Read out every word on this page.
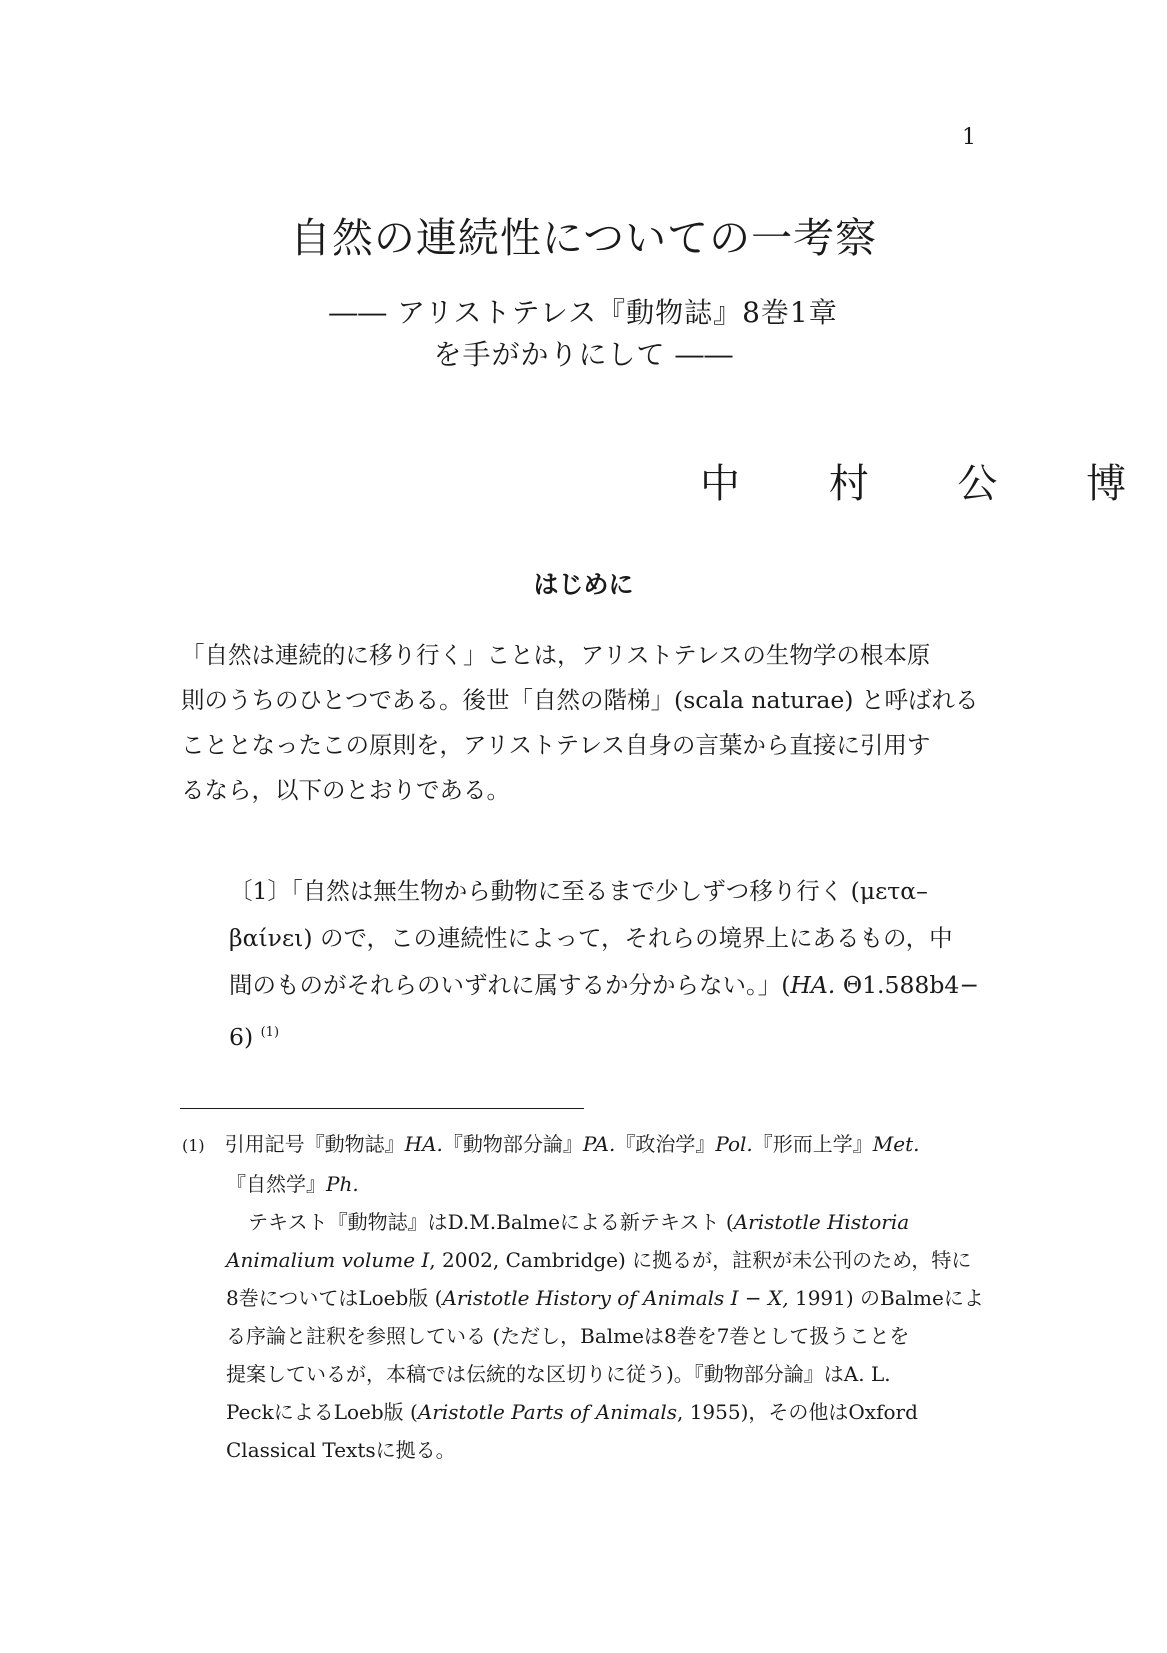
1
自然の連続性についての一考察
―― アリストテレス『動物誌』8巻1章
を手がかりにして ――
中 村 公 博
はじめに
「自然は連続的に移り行く」ことは，アリストテレスの生物学の根本原
則のうちのひとつである。後世「自然の階梯」(scala naturae) と呼ばれる
こととなったこの原則を，アリストテレス自身の言葉から直接に引用す
るなら，以下のとおりである。
〔1〕「自然は無生物から動物に至るまで少しずつ移り行く (μετα–
βαίνει) ので，この連続性によって，それらの境界上にあるもの，中
間のものがそれらのいずれに属するか分からない。」(HA. Θ1.588b4−
6) $^{(1)}$
(1)　 引用記号『動物誌』HA.『動物部分論』PA.『政治学』Pol.『形而上学』Met.
『自然学』Ph.
テキスト『動物誌』はD.M.Balmeによる新テキスト (Aristotle Historia
Animalium volume I, 2002, Cambridge) に拠るが，註釈が未公刊のため，特に
8巻についてはLoeb版 (Aristotle History of Animals I − X, 1991) のBalmeによ
る序論と註釈を参照している (ただし，Balmeは8巻を7巻として扱うことを
提案しているが，本稿では伝統的な区切りに従う)。『動物部分論』はA. L.
PeckによるLoeb版 (Aristotle Parts of Animals, 1955)，その他はOxford
Classical Textsに拠る。
